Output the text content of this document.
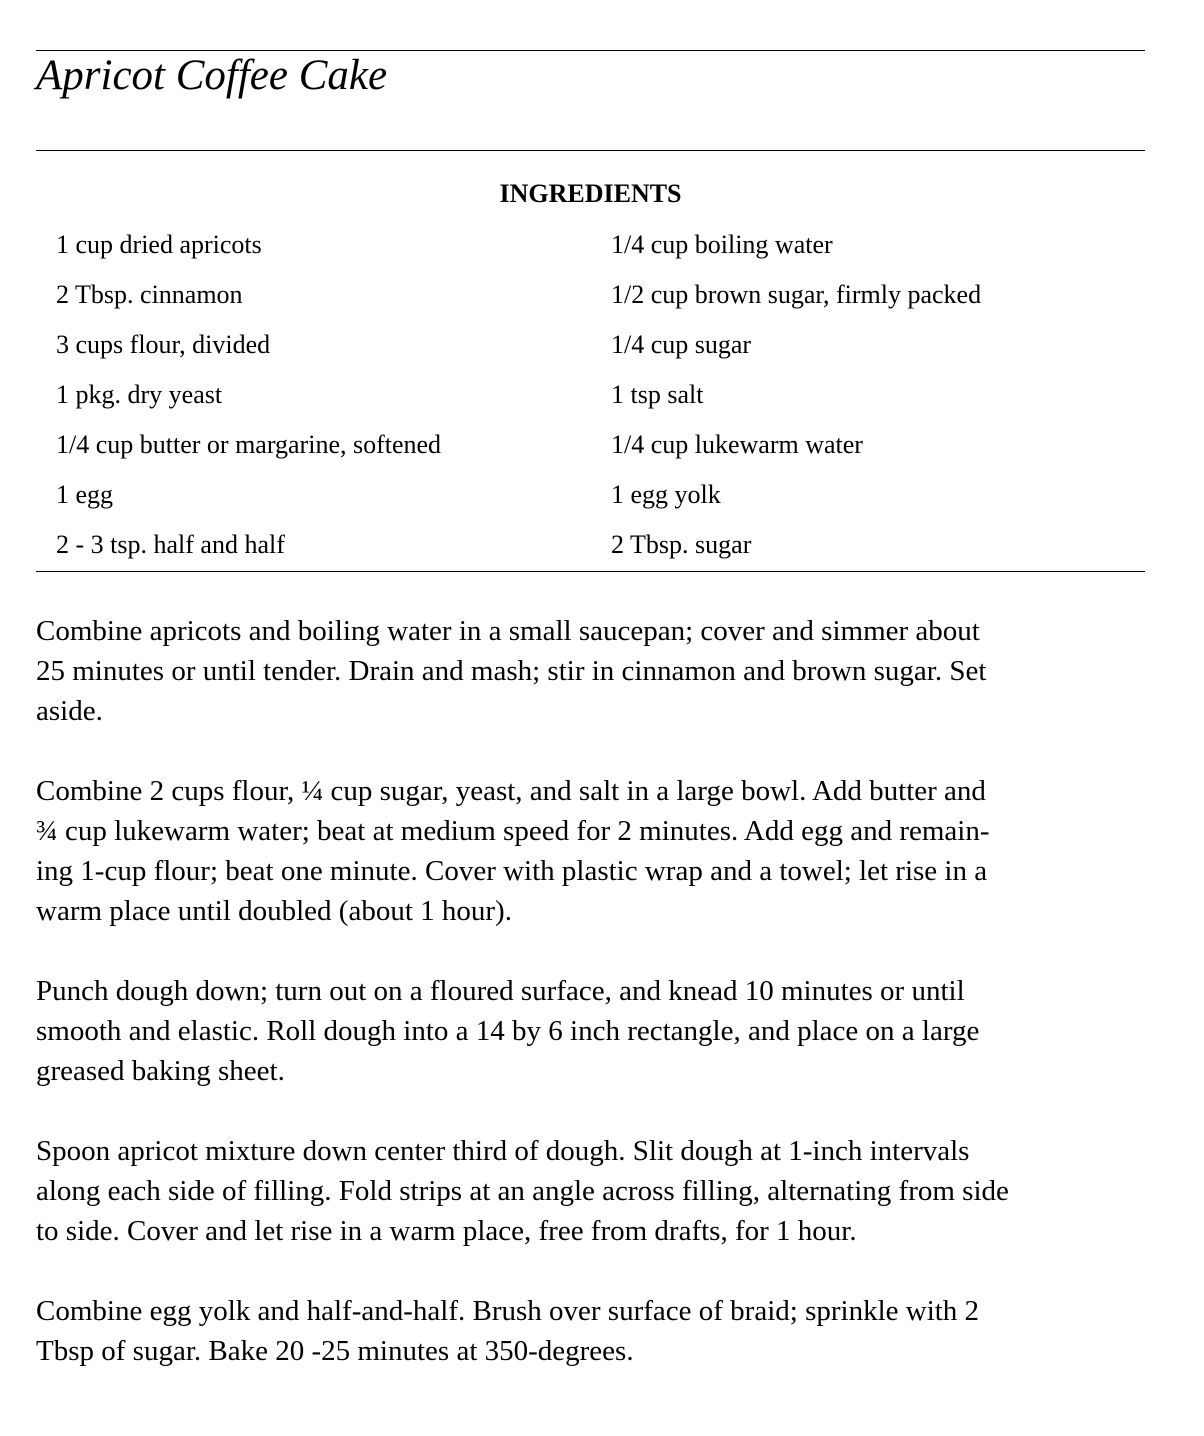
Apricot Coffee Cake
INGREDIENTS
1 cup dried apricots
2 Tbsp. cinnamon
3 cups flour, divided
1 pkg. dry yeast
1/4 cup butter or margarine, softened
1 egg
2 - 3 tsp. half and half
1/4 cup boiling water
1/2 cup brown sugar, firmly packed
1/4 cup sugar
1 tsp salt
1/4 cup lukewarm water
1 egg yolk
2 Tbsp. sugar

Combine apricots and boiling water in a small saucepan; cover and simmer about
25 minutes or until tender. Drain and mash; stir in cinnamon and brown sugar. Set
aside.

Combine 2 cups flour, ¼ cup sugar, yeast, and salt in a large bowl. Add butter and
¾ cup lukewarm water; beat at medium speed for 2 minutes. Add egg and remain-
ing 1-cup flour; beat one minute. Cover with plastic wrap and a towel; let rise in a
warm place until doubled (about 1 hour).

Punch dough down; turn out on a floured surface, and knead 10 minutes or until
smooth and elastic. Roll dough into a 14 by 6 inch rectangle, and place on a large
greased baking sheet.

Spoon apricot mixture down center third of dough. Slit dough at 1-inch intervals
along each side of filling. Fold strips at an angle across filling, alternating from side
to side. Cover and let rise in a warm place, free from drafts, for 1 hour.

Combine egg yolk and half-and-half. Brush over surface of braid; sprinkle with 2
Tbsp of sugar. Bake 20 -25 minutes at 350-degrees.
